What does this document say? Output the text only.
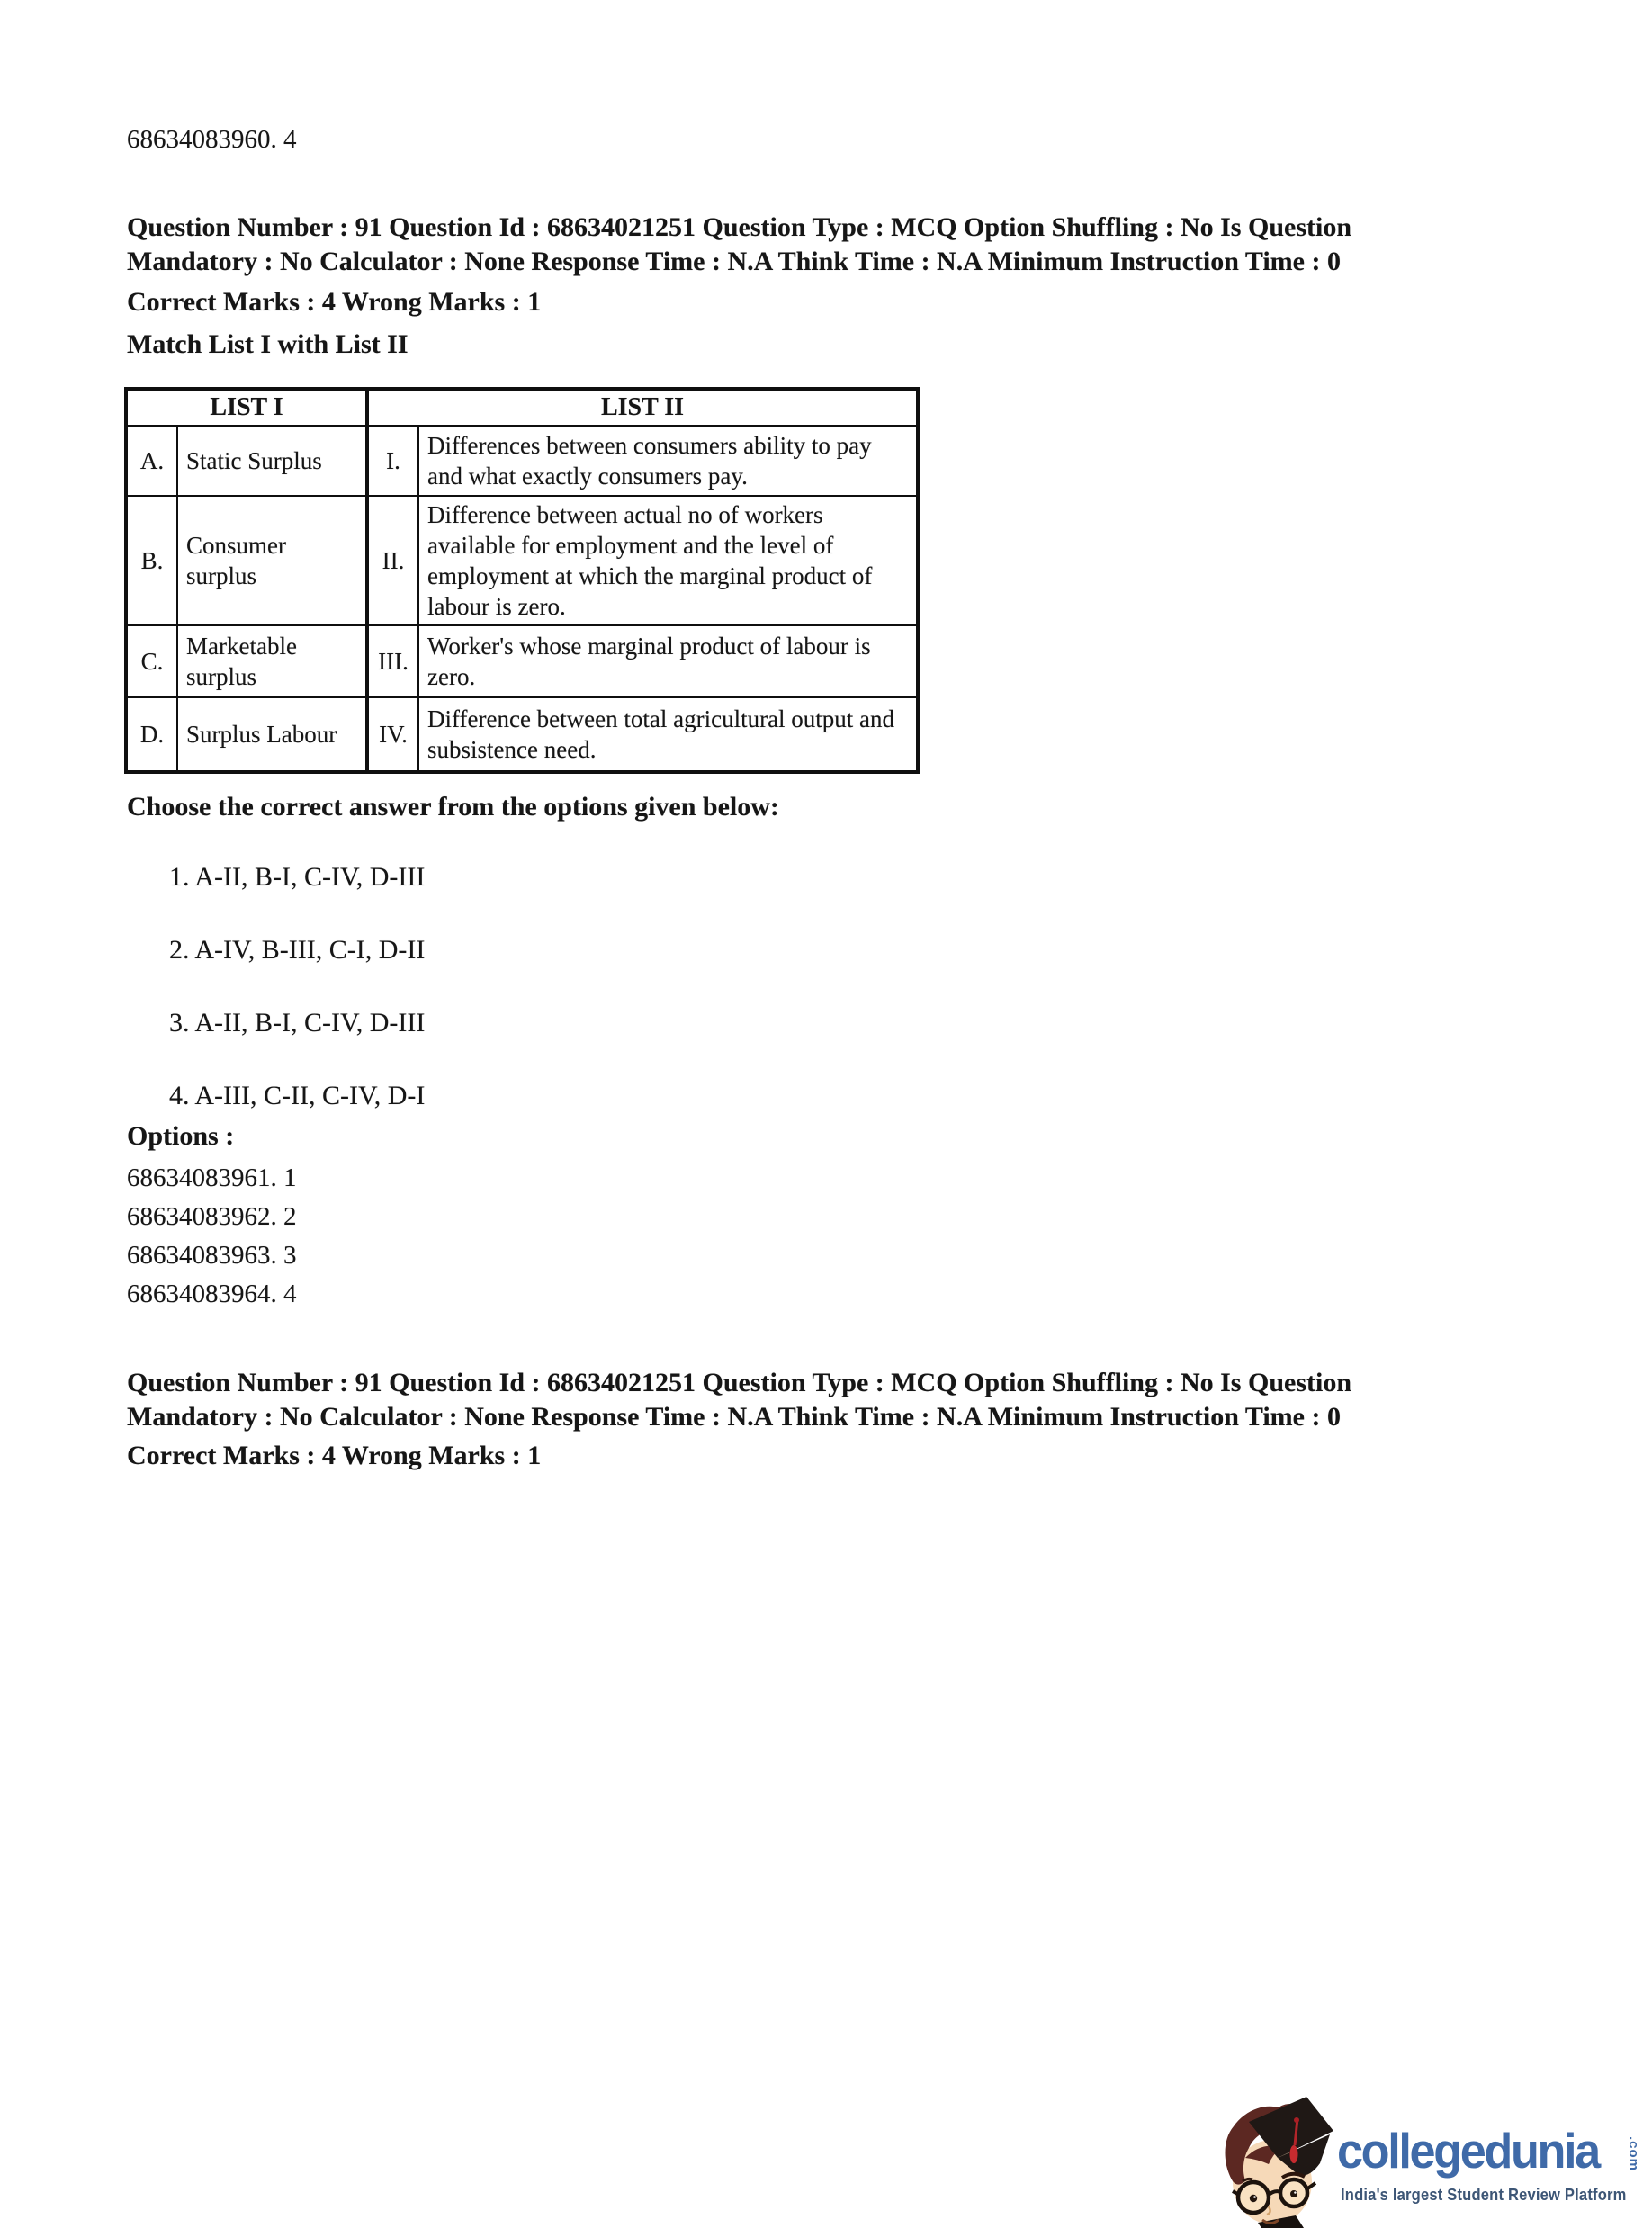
68634083960. 4
Question Number : 91 Question Id : 68634021251 Question Type : MCQ Option Shuffling : No Is Question
Mandatory : No Calculator : None Response Time : N.A Think Time : N.A Minimum Instruction Time : 0
Correct Marks : 4 Wrong Marks : 1
Match List I with List II
LIST I		LIST II	
A.	Static Surplus	I.	Differences between consumers ability to pay and what exactly consumers pay.
B.	Consumer surplus	II.	Difference between actual no of workers available for employment and the level of employment at which the marginal product of labour is zero.
C.	Marketable surplus	III.	Worker's whose marginal product of labour is zero.
D.	Surplus Labour	IV.	Difference between total agricultural output and subsistence need.
Choose the correct answer from the options given below:
1. A-II, B-I, C-IV, D-III
2. A-IV, B-III, C-I, D-II
3. A-II, B-I, C-IV, D-III
4. A-III, C-II, C-IV, D-I
Options :
68634083961. 1
68634083962. 2
68634083963. 3
68634083964. 4
Question Number : 91 Question Id : 68634021251 Question Type : MCQ Option Shuffling : No Is Question
Mandatory : No Calculator : None Response Time : N.A Think Time : N.A Minimum Instruction Time : 0
Correct Marks : 4 Wrong Marks : 1
collegedunia .com
India's largest Student Review Platform
